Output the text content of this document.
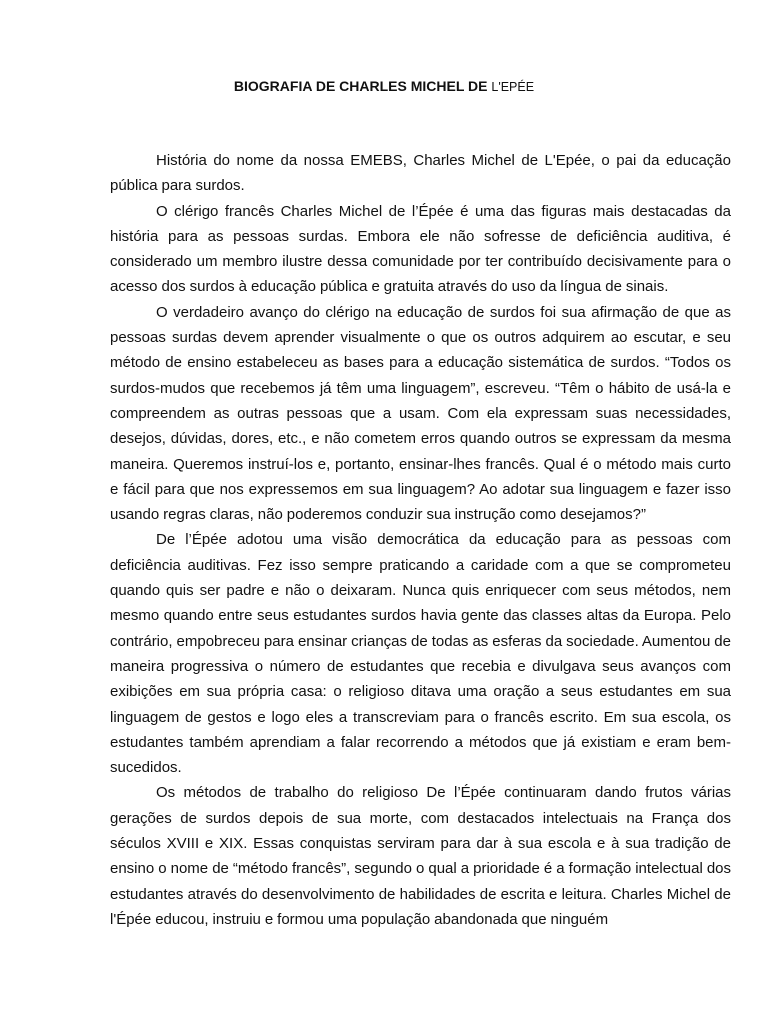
BIOGRAFIA DE CHARLES MICHEL DE L'EPÉE

História do nome da nossa EMEBS, Charles Michel de L'Epée, o pai da educação pública para surdos.

O clérigo francês Charles Michel de l’Épée é uma das figuras mais destacadas da história para as pessoas surdas. Embora ele não sofresse de deficiência auditiva, é considerado um membro ilustre dessa comunidade por ter contribuído decisivamente para o acesso dos surdos à educação pública e gratuita através do uso da língua de sinais.

O verdadeiro avanço do clérigo na educação de surdos foi sua afirmação de que as pessoas surdas devem aprender visualmente o que os outros adquirem ao escutar, e seu método de ensino estabeleceu as bases para a educação sistemática de surdos. “Todos os surdos-mudos que recebemos já têm uma linguagem”, escreveu. “Têm o hábito de usá-la e compreendem as outras pessoas que a usam. Com ela expressam suas necessidades, desejos, dúvidas, dores, etc., e não cometem erros quando outros se expressam da mesma maneira. Queremos instruí-los e, portanto, ensinar-lhes francês. Qual é o método mais curto e fácil para que nos expressemos em sua linguagem? Ao adotar sua linguagem e fazer isso usando regras claras, não poderemos conduzir sua instrução como desejamos?”

De l’Épée adotou uma visão democrática da educação para as pessoas com deficiência auditivas. Fez isso sempre praticando a caridade com a que se comprometeu quando quis ser padre e não o deixaram. Nunca quis enriquecer com seus métodos, nem mesmo quando entre seus estudantes surdos havia gente das classes altas da Europa. Pelo contrário, empobreceu para ensinar crianças de todas as esferas da sociedade. Aumentou de maneira progressiva o número de estudantes que recebia e divulgava seus avanços com exibições em sua própria casa: o religioso ditava uma oração a seus estudantes em sua linguagem de gestos e logo eles a transcreviam para o francês escrito. Em sua escola, os estudantes também aprendiam a falar recorrendo a métodos que já existiam e eram bem-sucedidos.

Os métodos de trabalho do religioso De l’Épée continuaram dando frutos várias gerações de surdos depois de sua morte, com destacados intelectuais na França dos séculos XVIII e XIX. Essas conquistas serviram para dar à sua escola e à sua tradição de ensino o nome de “método francês”, segundo o qual a prioridade é a formação intelectual dos estudantes através do desenvolvimento de habilidades de escrita e leitura. Charles Michel de l'Épée educou, instruiu e formou uma população abandonada que ninguém
